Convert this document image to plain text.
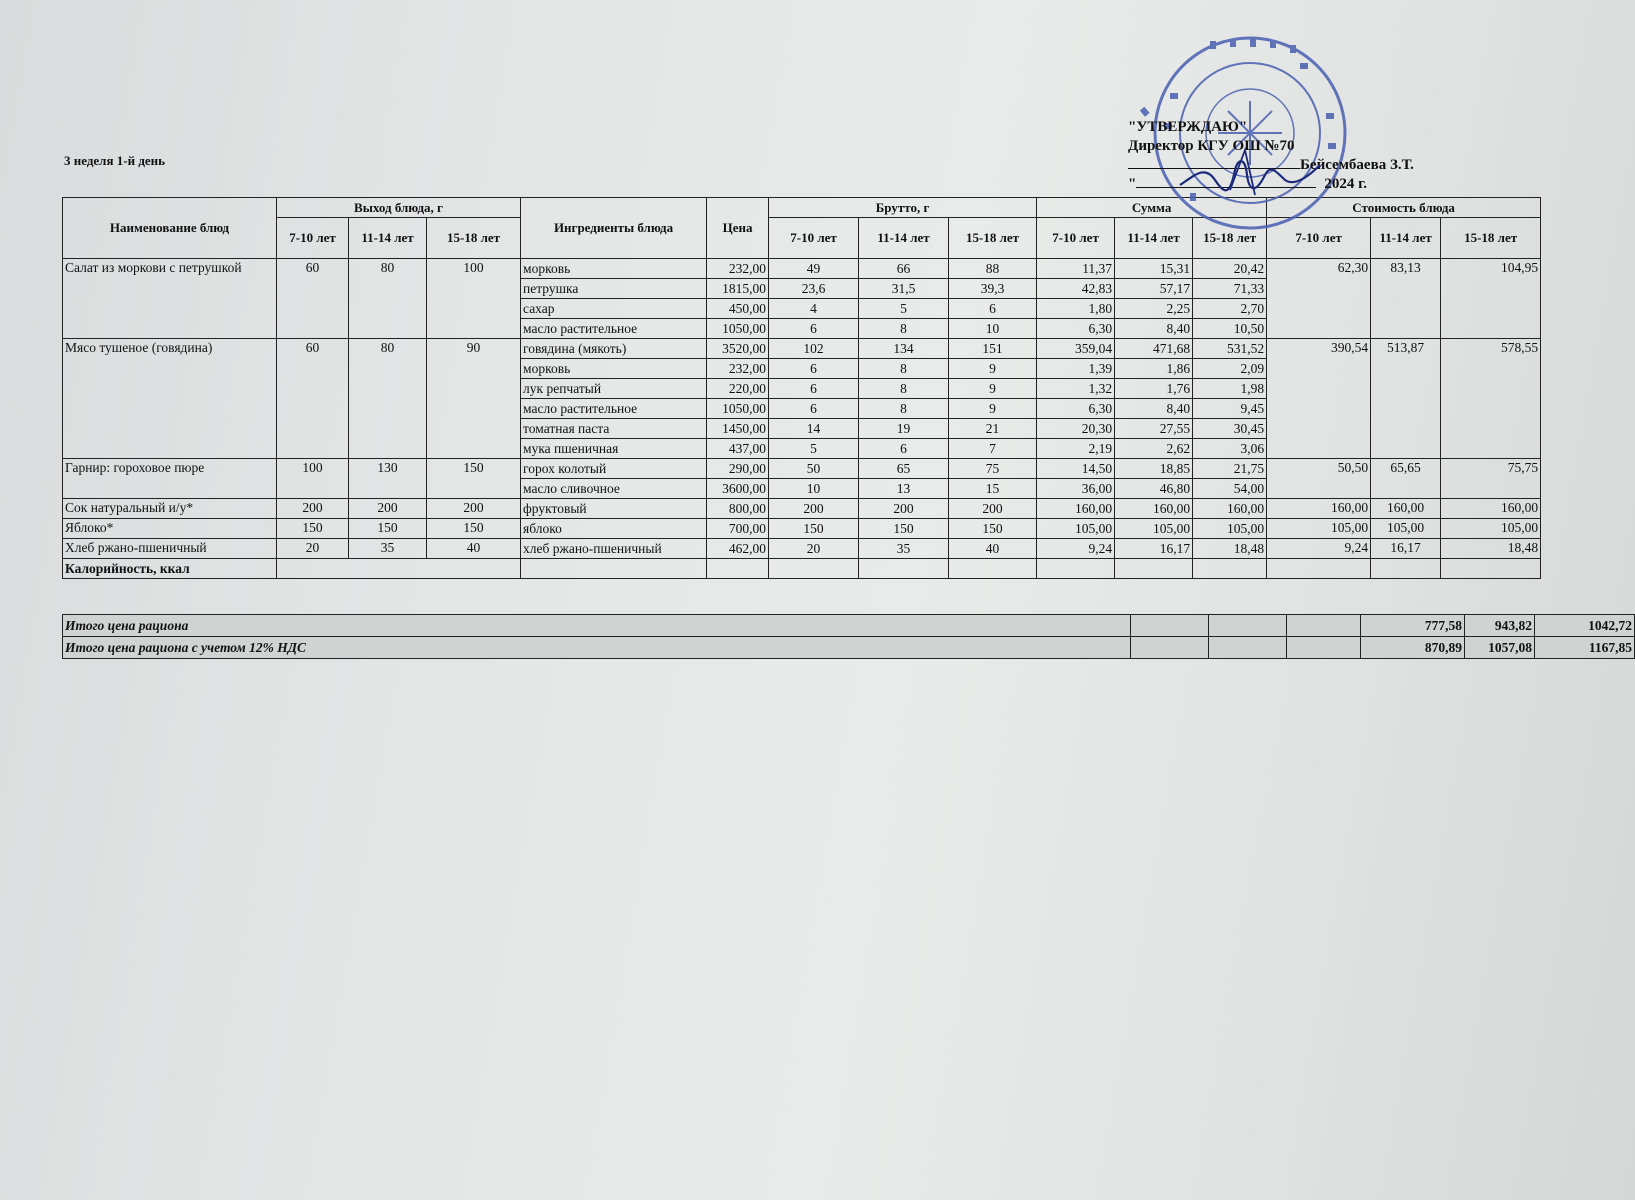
3 неделя 1-й день
"УТВЕРЖДАЮ"
Директор КГУ ОШ №70
Бейсембаева З.Т.
"	2024 г.
Наименование блюд	Выход блюда, г			Ингредиенты блюда	Цена	Брутто, г			Сумма			Стоимость блюда		
	7-10 лет	11-14 лет	15-18 лет			7-10 лет	11-14 лет	15-18 лет	7-10 лет	11-14 лет	15-18 лет	7-10 лет	11-14 лет	15-18 лет

Салат из моркови с петрушкой	60	80	100	морковь	232,00	49	66	88	11,37	15,31	20,42	62,30	83,13	104,95
				петрушка	1815,00	23,6	31,5	39,3	42,83	57,17	71,33			
				сахар	450,00	4	5	6	1,80	2,25	2,70			
				масло растительное	1050,00	6	8	10	6,30	8,40	10,50			
Мясо тушеное (говядина)	60	80	90	говядина (мякоть)	3520,00	102	134	151	359,04	471,68	531,52	390,54	513,87	578,55
				морковь	232,00	6	8	9	1,39	1,86	2,09			
				лук репчатый	220,00	6	8	9	1,32	1,76	1,98			
				масло растительное	1050,00	6	8	9	6,30	8,40	9,45			
				томатная паста	1450,00	14	19	21	20,30	27,55	30,45			
				мука пшеничная	437,00	5	6	7	2,19	2,62	3,06			
Гарнир: гороховое пюре	100	130	150	горох колотый	290,00	50	65	75	14,50	18,85	21,75	50,50	65,65	75,75
				масло сливочное	3600,00	10	13	15	36,00	46,80	54,00			
Сок натуральный и/у*	200	200	200	фруктовый	800,00	200	200	200	160,00	160,00	160,00	160,00	160,00	160,00
Яблоко*	150	150	150	яблоко	700,00	150	150	150	105,00	105,00	105,00	105,00	105,00	105,00
Хлеб ржано-пшеничный	20	35	40	хлеб ржано-пшеничный	462,00	20	35	40	9,24	16,17	18,48	9,24	16,17	18,48
Калорийность, ккал														
Итого цена рациона				777,58	943,82	1042,72
Итого цена рациона с учетом 12% НДС				870,89	1057,08	1167,85
